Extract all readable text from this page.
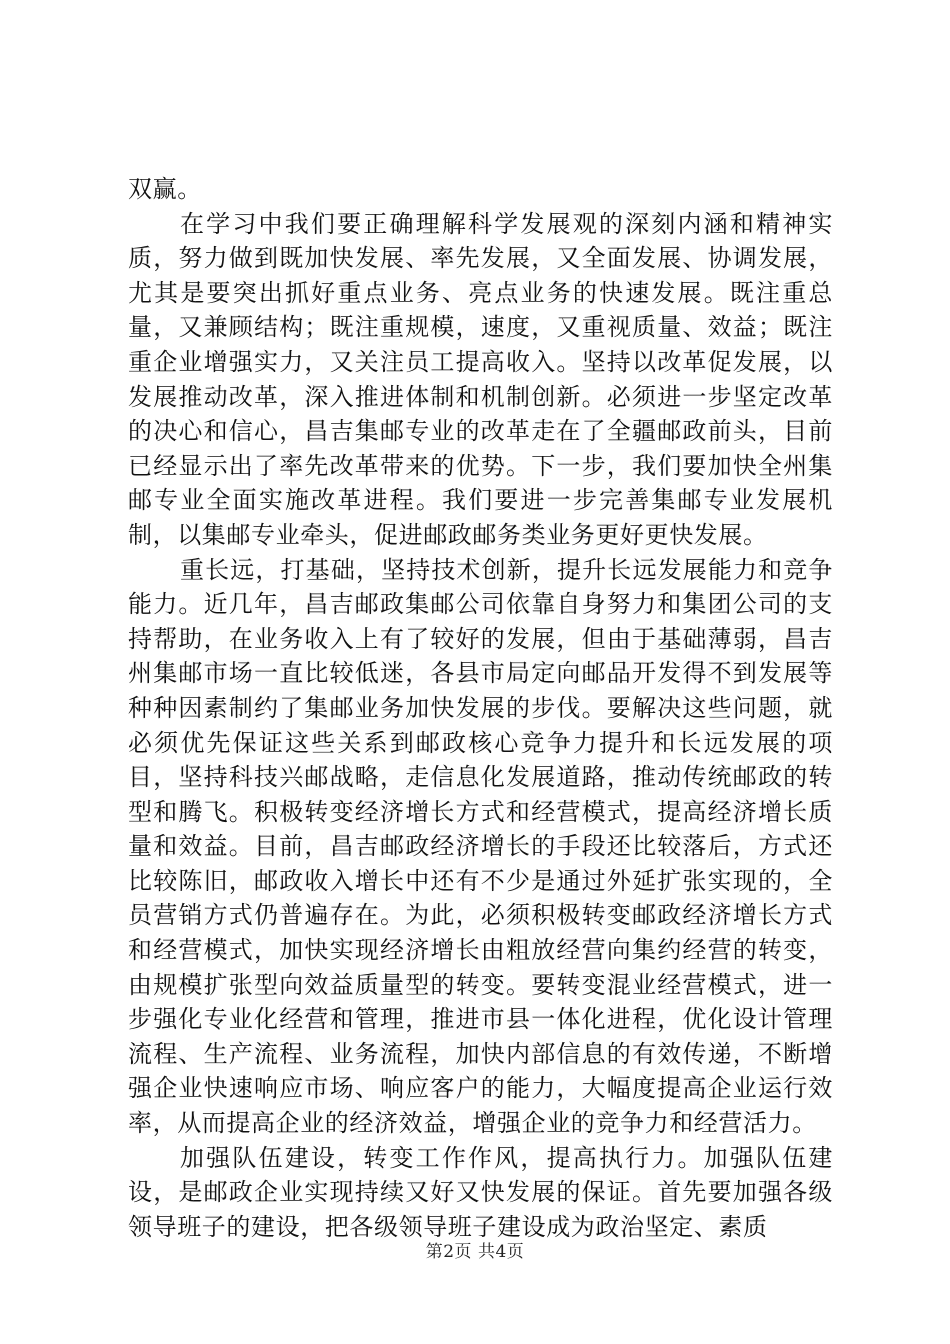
双赢。

在学习中我们要正确理解科学发展观的深刻内涵和精神实质，努力做到既加快发展、率先发展，又全面发展、协调发展，尤其是要突出抓好重点业务、亮点业务的快速发展。既注重总量，又兼顾结构；既注重规模，速度，又重视质量、效益；既注重企业增强实力，又关注员工提高收入。坚持以改革促发展，以发展推动改革，深入推进体制和机制创新。必须进一步坚定改革的决心和信心，昌吉集邮专业的改革走在了全疆邮政前头，目前已经显示出了率先改革带来的优势。下一步，我们要加快全州集邮专业全面实施改革进程。我们要进一步完善集邮专业发展机制，以集邮专业牵头，促进邮政邮务类业务更好更快发展。

重长远，打基础，坚持技术创新，提升长远发展能力和竞争能力。近几年，昌吉邮政集邮公司依靠自身努力和集团公司的支持帮助，在业务收入上有了较好的发展，但由于基础薄弱，昌吉州集邮市场一直比较低迷，各县市局定向邮品开发得不到发展等种种因素制约了集邮业务加快发展的步伐。要解决这些问题，就必须优先保证这些关系到邮政核心竞争力提升和长远发展的项目，坚持科技兴邮战略，走信息化发展道路，推动传统邮政的转型和腾飞。积极转变经济增长方式和经营模式，提高经济增长质量和效益。目前，昌吉邮政经济增长的手段还比较落后，方式还比较陈旧，邮政收入增长中还有不少是通过外延扩张实现的，全员营销方式仍普遍存在。为此，必须积极转变邮政经济增长方式和经营模式，加快实现经济增长由粗放经营向集约经营的转变，由规模扩张型向效益质量型的转变。要转变混业经营模式，进一步强化专业化经营和管理，推进市县一体化进程，优化设计管理流程、生产流程、业务流程，加快内部信息的有效传递，不断增强企业快速响应市场、响应客户的能力，大幅度提高企业运行效率，从而提高企业的经济效益，增强企业的竞争力和经营活力。

加强队伍建设，转变工作作风，提高执行力。加强队伍建设，是邮政企业实现持续又好又快发展的保证。首先要加强各级领导班子的建设，把各级领导班子建设成为政治坚定、素质

第2页 共4页
